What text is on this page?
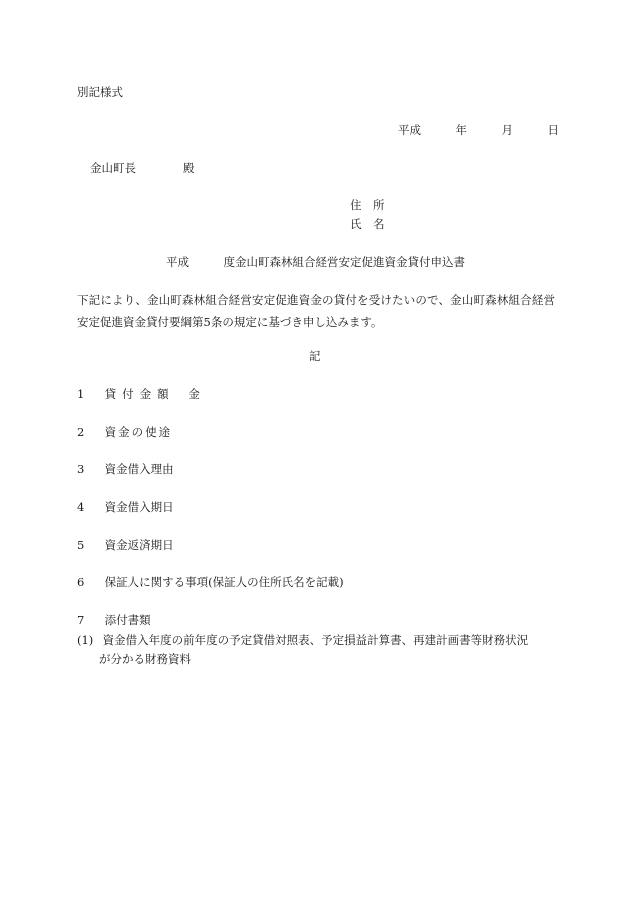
別記様式
平成　　　年　　　月　　　日
金山町長	殿
住　所
氏　名
平成　　　度金山町森林組合経営安定促進資金貸付申込書
下記により、金山町森林組合経営安定促進資金の貸付を受けたいので、金山町森林組合経営安定促進資金貸付要綱第5条の規定に基づき申し込みます。
記
1 貸付金額 金
2 資金の使途
3 資金借入理由
4 資金借入期日
5 資金返済期日
6 保証人に関する事項(保証人の住所氏名を記載)
7 添付書類
(1) 資金借入年度の前年度の予定貸借対照表、予定損益計算書、再建計画書等財務状況
が分かる財務資料
